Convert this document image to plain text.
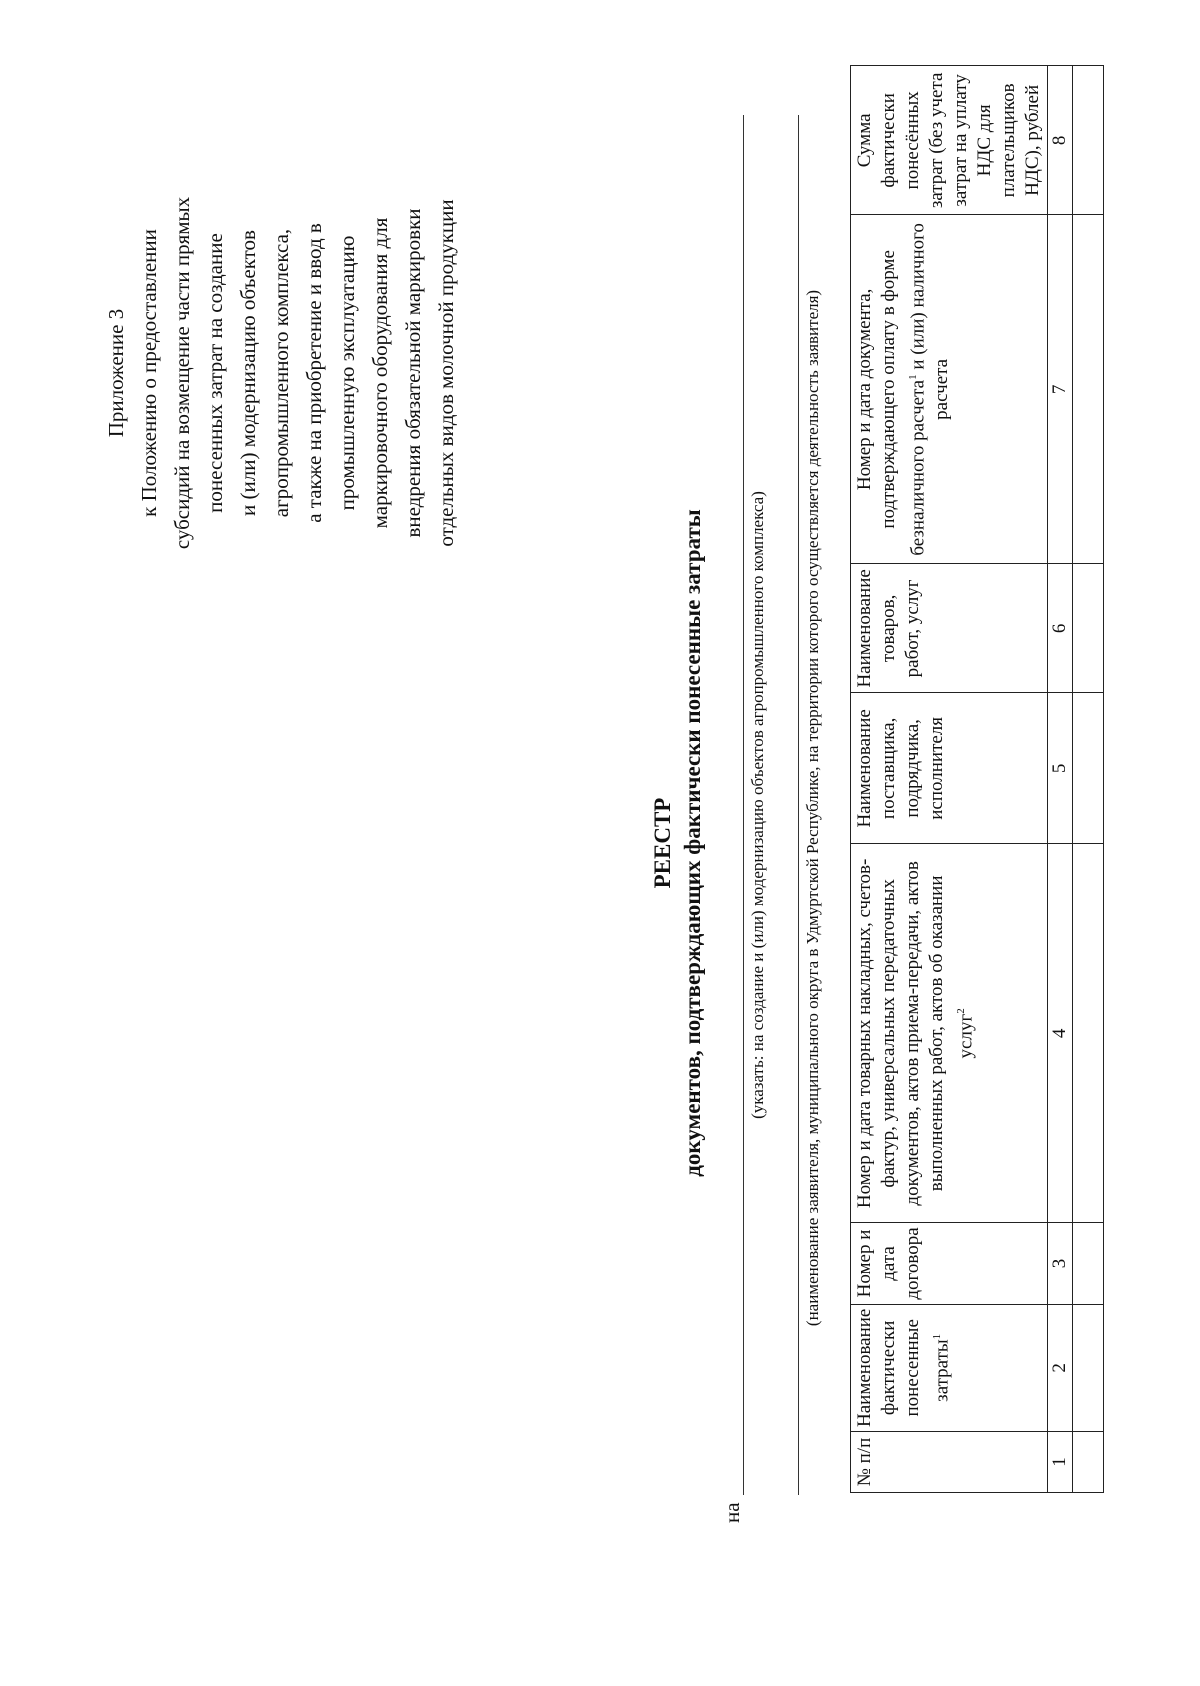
Приложение 3 к Положению о предоставлении субсидий на возмещение части прямых понесенных затрат на создание и (или) модернизацию объектов агропромышленного комплекса, а также на приобретение и ввод в промышленную эксплуатацию маркировочного оборудования для внедрения обязательной маркировки отдельных видов молочной продукции
РЕЕСТР документов, подтверждающих фактически понесенные затраты
на
(указать: на создание и (или) модернизацию объектов агропромышленного комплекса) (наименование заявителя, муниципального округа в Удмуртской Республике, на территории которого осуществляется деятельность заявителя)
№ п/п	Наименование фактически понесенные затраты$^1$	Номер и дата договора	Номер и дата товарных накладных, счетов-фактур, универсальных передаточных документов, актов приема-передачи, актов выполненных работ, актов об оказании услуг$^2$	Наименование поставщика, подрядчика, исполнителя	Наименование товаров, работ, услуг	Номер и дата документа, подтверждающего оплату в форме безналичного расчета$^1$ и (или) наличного расчета	Сумма фактически понесённых затрат (без учета затрат на уплату НДС для плательщиков НДС), рублей
1	2	3	4	5	6	7	8
